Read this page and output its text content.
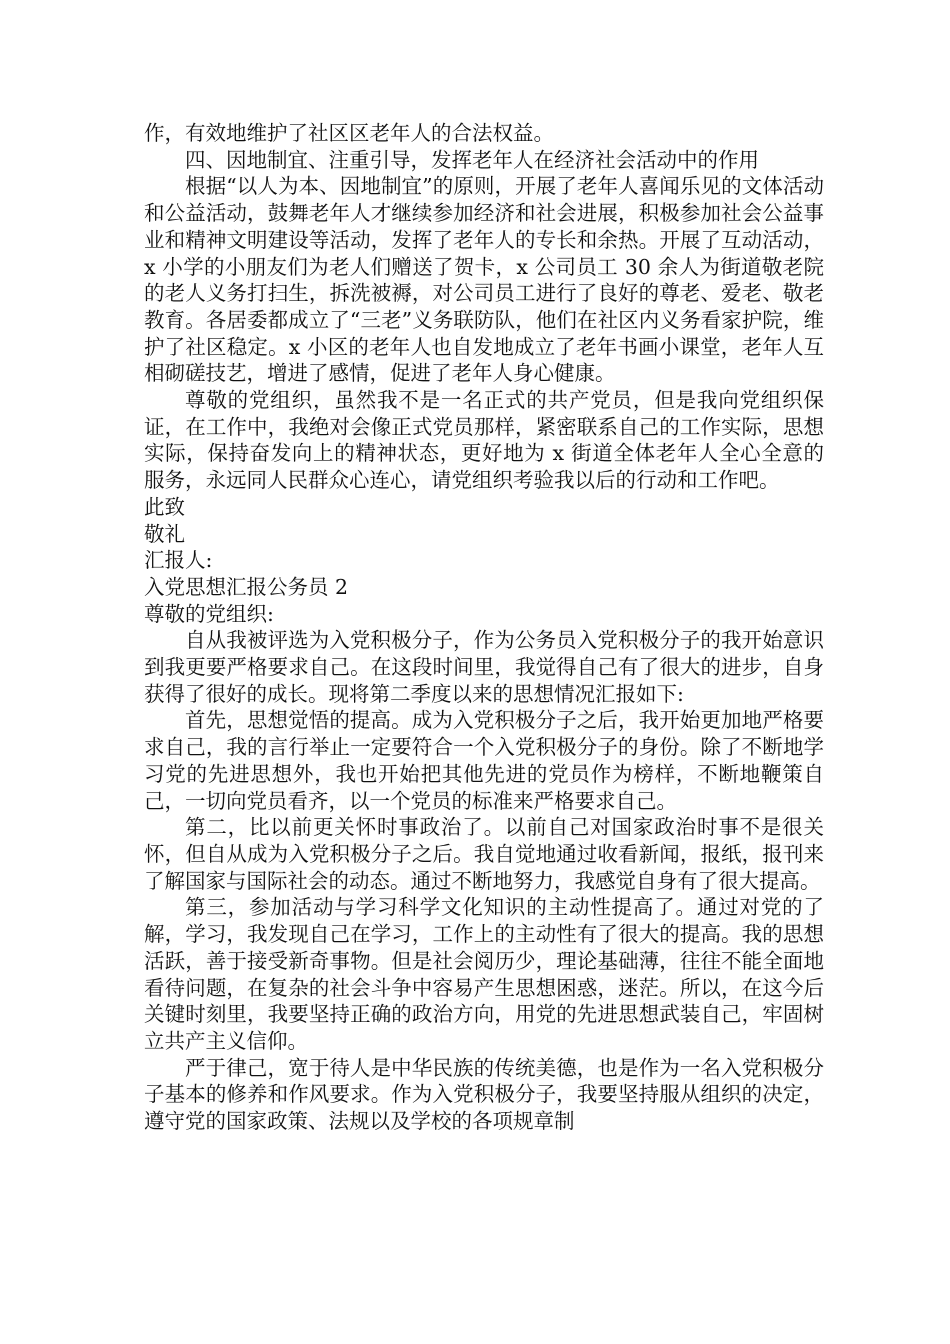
作，有效地维护了社区区老年人的合法权益。

四、因地制宜、注重引导，发挥老年人在经济社会活动中的作用

根据“以人为本、因地制宜”的原则，开展了老年人喜闻乐见的文体活动和公益活动，鼓舞老年人才继续参加经济和社会进展，积极参加社会公益事业和精神文明建设等活动，发挥了老年人的专长和余热。开展了互动活动，x 小学的小朋友们为老人们赠送了贺卡，x 公司员工 30 余人为街道敬老院的老人义务打扫生，拆洗被褥，对公司员工进行了良好的尊老、爱老、敬老教育。各居委都成立了“三老”义务联防队，他们在社区内义务看家护院，维护了社区稳定。x 小区的老年人也自发地成立了老年书画小课堂，老年人互相砌磋技艺，增进了感情，促进了老年人身心健康。

尊敬的党组织，虽然我不是一名正式的共产党员，但是我向党组织保证，在工作中，我绝对会像正式党员那样，紧密联系自己的工作实际，思想实际，保持奋发向上的精神状态，更好地为 x 街道全体老年人全心全意的服务，永远同人民群众心连心，请党组织考验我以后的行动和工作吧。

此致

敬礼

汇报人:

入党思想汇报公务员 2

尊敬的党组织:

自从我被评选为入党积极分子，作为公务员入党积极分子的我开始意识到我更要严格要求自己。在这段时间里，我觉得自己有了很大的进步，自身获得了很好的成长。现将第二季度以来的思想情况汇报如下:

首先，思想觉悟的提高。成为入党积极分子之后，我开始更加地严格要求自己，我的言行举止一定要符合一个入党积极分子的身份。除了不断地学习党的先进思想外，我也开始把其他先进的党员作为榜样，不断地鞭策自己，一切向党员看齐，以一个党员的标准来严格要求自己。

第二，比以前更关怀时事政治了。以前自己对国家政治时事不是很关怀，但自从成为入党积极分子之后。我自觉地通过收看新闻，报纸，报刊来了解国家与国际社会的动态。通过不断地努力，我感觉自身有了很大提高。

第三，参加活动与学习科学文化知识的主动性提高了。通过对党的了解，学习，我发现自己在学习，工作上的主动性有了很大的提高。我的思想活跃，善于接受新奇事物。但是社会阅历少，理论基础薄，往往不能全面地看待问题，在复杂的社会斗争中容易产生思想困惑，迷茫。所以，在这今后关键时刻里，我要坚持正确的政治方向，用党的先进思想武装自己，牢固树立共产主义信仰。

严于律己，宽于待人是中华民族的传统美德，也是作为一名入党积极分子基本的修养和作风要求。作为入党积极分子，我要坚持服从组织的决定，遵守党的国家政策、法规以及学校的各项规章制
